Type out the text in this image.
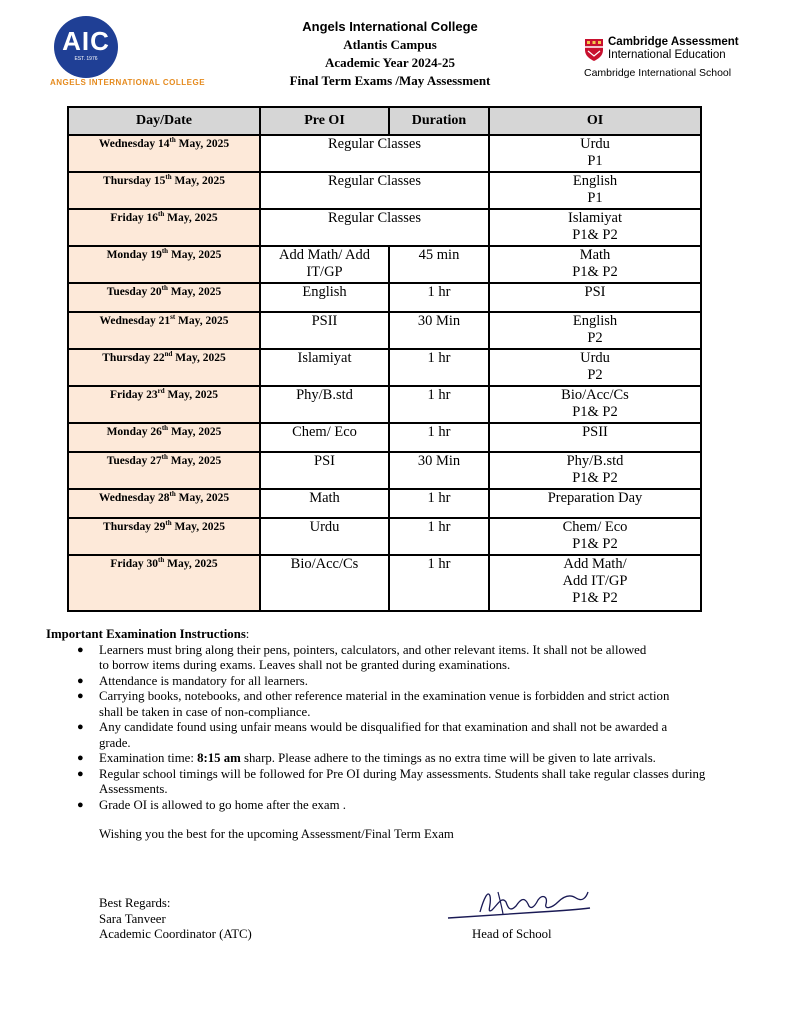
AIC
EST. 1976
ANGELS INTERNATIONAL COLLEGE
Angels International College
Atlantis Campus
Academic Year 2024-25
Final Term Exams /May Assessment
Cambridge Assessment
International Education
Cambridge International School
Day/Date	Pre OI	Duration	OI
Wednesday 14th May, 2025	Regular Classes		Urdu
P1

Thursday 15th May, 2025	Regular Classes		English
P1

Friday 16th May, 2025	Regular Classes		Islamiyat
P1& P2

Monday 19th May, 2025	Add Math/ Add IT/GP	45 min	Math
P1& P2

Tuesday 20th May, 2025	English	1 hr	PSI

Wednesday 21st May, 2025	PSII	30 Min	English
P2

Thursday 22nd May, 2025	Islamiyat	1 hr	Urdu
P2

Friday 23rd May, 2025	Phy/B.std	1 hr	Bio/Acc/Cs
P1& P2

Monday 26th May, 2025	Chem/ Eco	1 hr	PSII

Tuesday 27th May, 2025	PSI	30 Min	Phy/B.std
P1& P2

Wednesday 28th May, 2025	Math	1 hr	Preparation Day

Thursday 29th May, 2025	Urdu	1 hr	Chem/ Eco
P1& P2

Friday 30th May, 2025	Bio/Acc/Cs	1 hr	Add Math/
Add IT/GP
P1& P2
Important Examination Instructions:
● Learners must bring along their pens, pointers, calculators, and other relevant items. It shall not be allowed to borrow items during exams. Leaves shall not be granted during examinations.
● Attendance is mandatory for all learners.
● Carrying books, notebooks, and other reference material in the examination venue is forbidden and strict action shall be taken in case of non-compliance.
● Any candidate found using unfair means would be disqualified for that examination and shall not be awarded a grade.
● Examination time: 8:15 am sharp. Please adhere to the timings as no extra time will be given to late arrivals.
● Regular school timings will be followed for Pre OI during May assessments. Students shall take regular classes during Assessments.
● Grade OI is allowed to go home after the exam .
Wishing you the best for the upcoming Assessment/Final Term Exam
Best Regards:
Sara Tanveer
Academic Coordinator (ATC)	Head of School
